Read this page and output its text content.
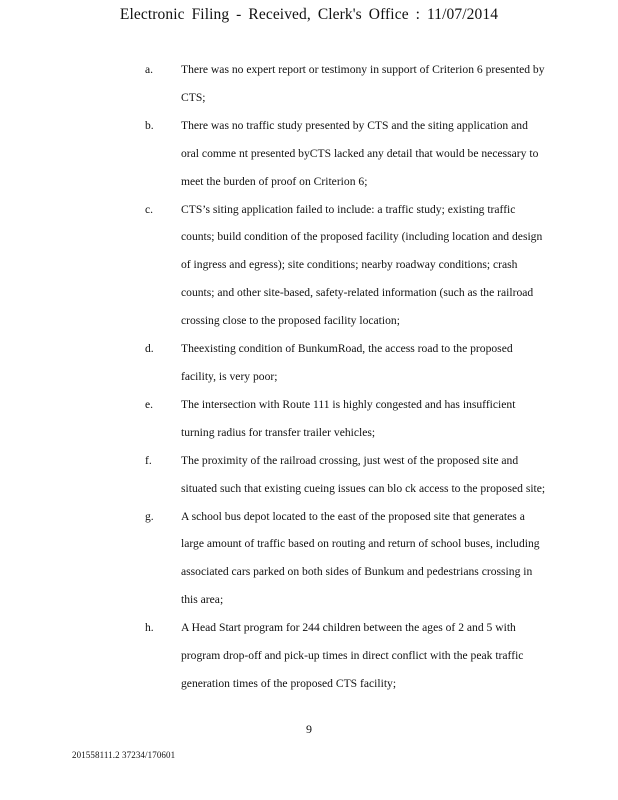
Electronic Filing - Received, Clerk's Office : 11/07/2014
a. There was no expert report or testimony in support of Criterion 6 presented by CTS;
b. There was no traffic study presented by CTS and the siting application and oral comme nt presented byCTS lacked any detail that would be necessary to meet the burden of proof on Criterion 6;
c. CTS’s siting application failed to include: a traffic study; existing traffic counts; build condition of the proposed facility (including location and design of ingress and egress); site conditions; nearby roadway conditions; crash counts; and other site-based, safety-related information (such as the railroad crossing close to the proposed facility location;
d. Theexisting condition of BunkumRoad, the access road to the proposed facility, is very poor;
e. The intersection with Route 111 is highly congested and has insufficient turning radius for transfer trailer vehicles;
f.	The proximity of the railroad crossing, just west of the proposed site and situated such that existing cueing issues can blo ck access to the proposed site;
g. A school bus depot located to the east of the proposed site that generates a large amount of traffic based on routing and return of school buses, including associated cars parked on both sides of Bunkum and pedestrians crossing in this area;
h. A Head Start program for 244 children between the ages of 2 and 5 with program drop-off and pick-up times in direct conflict with the peak traffic generation times of the proposed CTS facility;
9
201558111.2 37234/170601
